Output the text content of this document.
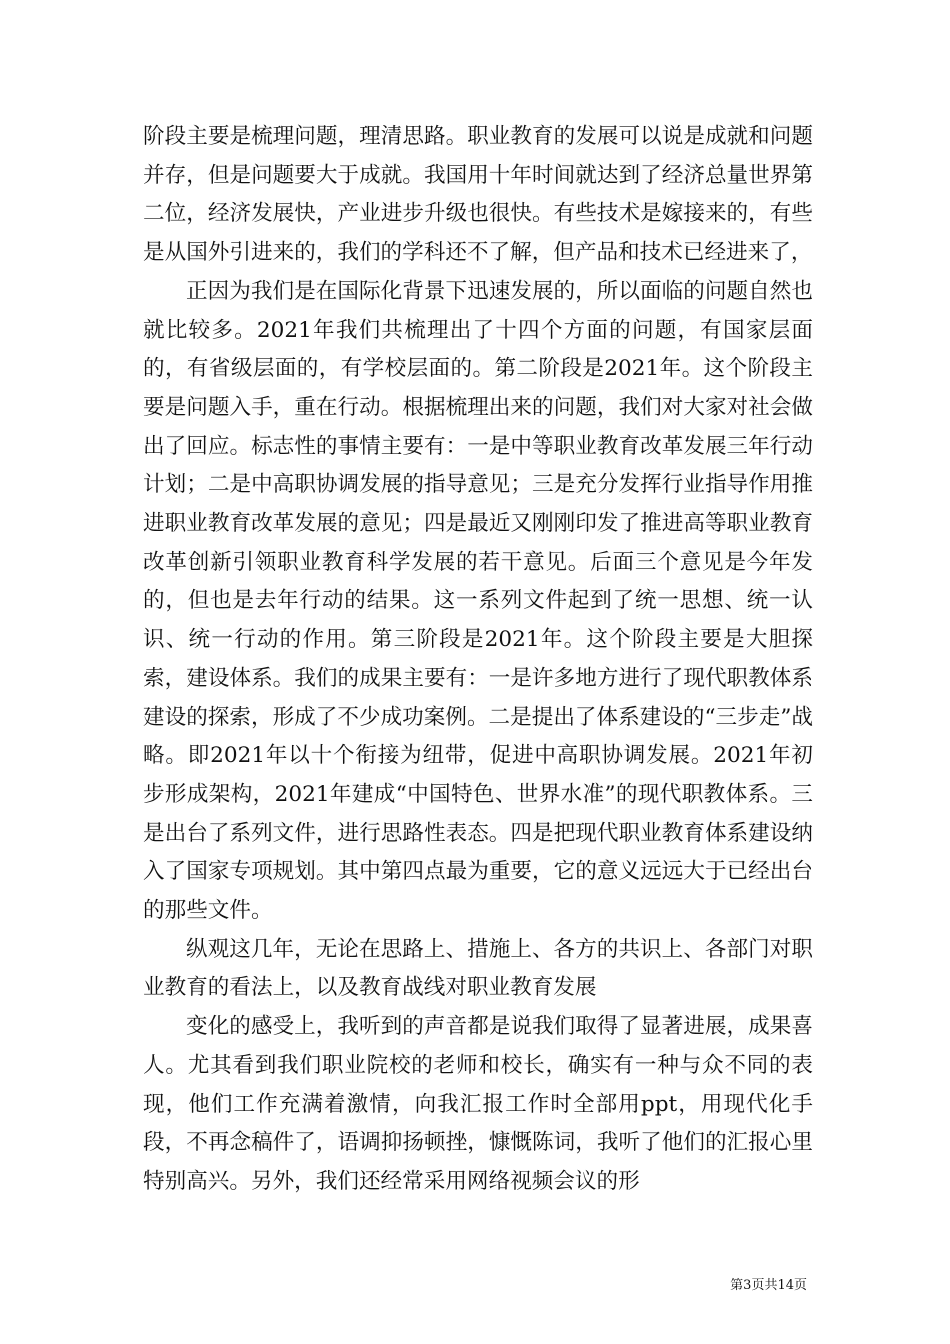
阶段主要是梳理问题，理清思路。职业教育的发展可以说是成就和问题并存，但是问题要大于成就。我国用十年时间就达到了经济总量世界第二位，经济发展快，产业进步升级也很快。有些技术是嫁接来的，有些是从国外引进来的，我们的学科还不了解，但产品和技术已经进来了，

正因为我们是在国际化背景下迅速发展的，所以面临的问题自然也就比较多。2021年我们共梳理出了十四个方面的问题，有国家层面的，有省级层面的，有学校层面的。第二阶段是2021年。这个阶段主要是问题入手，重在行动。根据梳理出来的问题，我们对大家对社会做出了回应。标志性的事情主要有：一是中等职业教育改革发展三年行动计划；二是中高职协调发展的指导意见；三是充分发挥行业指导作用推进职业教育改革发展的意见；四是最近又刚刚印发了推进高等职业教育改革创新引领职业教育科学发展的若干意见。后面三个意见是今年发的，但也是去年行动的结果。这一系列文件起到了统一思想、统一认识、统一行动的作用。第三阶段是2021年。这个阶段主要是大胆探索，建设体系。我们的成果主要有：一是许多地方进行了现代职教体系建设的探索，形成了不少成功案例。二是提出了体系建设的“三步走”战略。即2021年以十个衔接为纽带，促进中高职协调发展。2021年初步形成架构，2021年建成“中国特色、世界水准”的现代职教体系。三是出台了系列文件，进行思路性表态。四是把现代职业教育体系建设纳入了国家专项规划。其中第四点最为重要，它的意义远远大于已经出台的那些文件。

纵观这几年，无论在思路上、措施上、各方的共识上、各部门对职业教育的看法上，以及教育战线对职业教育发展

变化的感受上，我听到的声音都是说我们取得了显著进展，成果喜人。尤其看到我们职业院校的老师和校长，确实有一种与众不同的表现，他们工作充满着激情，向我汇报工作时全部用ppt，用现代化手段，不再念稿件了，语调抑扬顿挫，慷慨陈词，我听了他们的汇报心里特别高兴。另外，我们还经常采用网络视频会议的形

第3页共14页
